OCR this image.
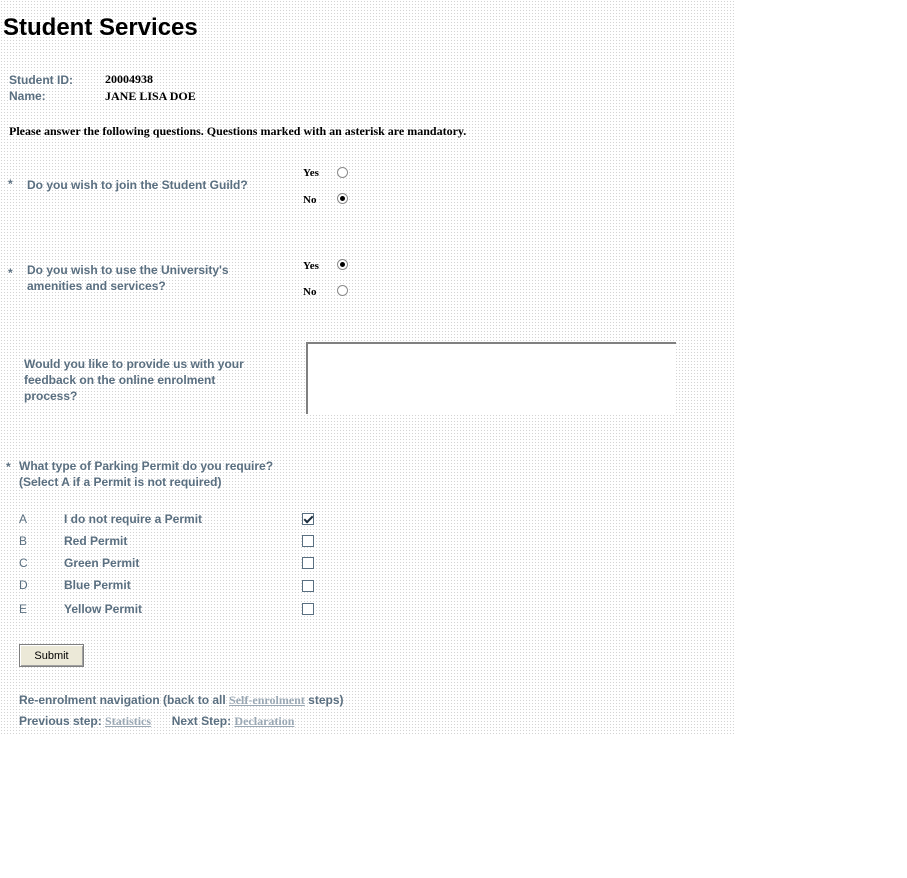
Student Services
Student ID:	20004938
Name:	JANE LISA DOE
Please answer the following questions. Questions marked with an asterisk are mandatory.
* Do you wish to join the Student Guild?
Yes
No
* Do you wish to use the University's
amenities and services?
Yes
No
Would you like to provide us with your
feedback on the online enrolment
process?
* What type of Parking Permit do you require?
(Select A if a Permit is not required)
A	I do not require a Permit
B	Red Permit
C	Green Permit
D	Blue Permit
E	Yellow Permit
Submit
Re-enrolment navigation (back to all Self-enrolment steps)
Previous step: Statistics Next Step: Declaration
